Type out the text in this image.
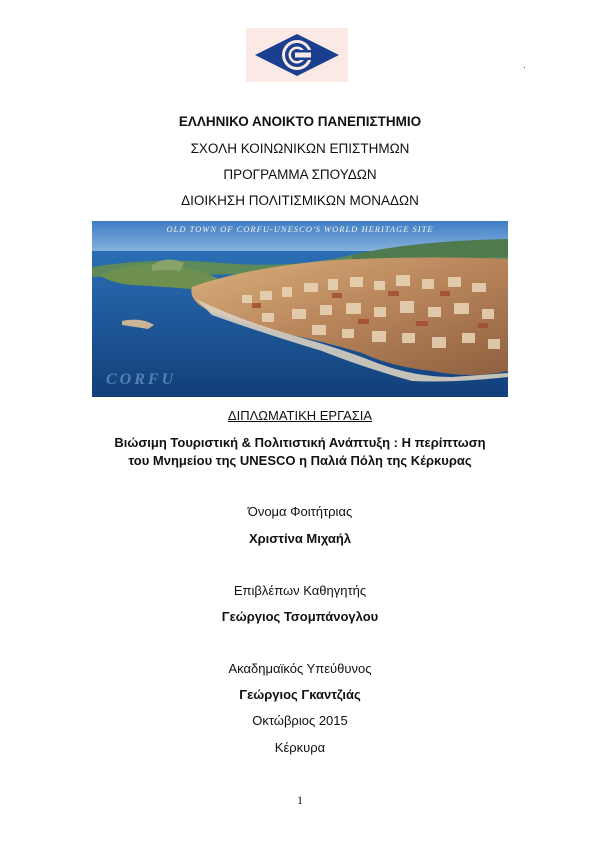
.
ΕΛΛΗΝΙΚΟ ΑΝΟΙΚΤΟ ΠΑΝΕΠΙΣΤΗΜΙΟ
ΣΧΟΛΗ ΚΟΙΝΩΝΙΚΩΝ ΕΠΙΣΤΗΜΩΝ
ΠΡΟΓΡΑΜΜΑ ΣΠΟΥΔΩΝ
ΔΙΟΙΚΗΣΗ ΠΟΛΙΤΙΣΜΙΚΩΝ ΜΟΝΑΔΩΝ
OLD TOWN OF CORFU-UNESCO'S WORLD HERITAGE SITE
CORFU
ΔΙΠΛΩΜΑΤΙΚΗ ΕΡΓΑΣΙΑ
Βιώσιμη Τουριστική & Πολιτιστική Ανάπτυξη : Η περίπτωση
του Μνημείου της UNESCO η Παλιά Πόλη της Κέρκυρας
Όνομα Φοιτήτριας
Χριστίνα Μιχαήλ
Επιβλέπων Καθηγητής
Γεώργιος Τσομπάνογλου
Ακαδημαϊκός Υπεύθυνος
Γεώργιος Γκαντζιάς
Οκτώβριος 2015
Κέρκυρα
1
